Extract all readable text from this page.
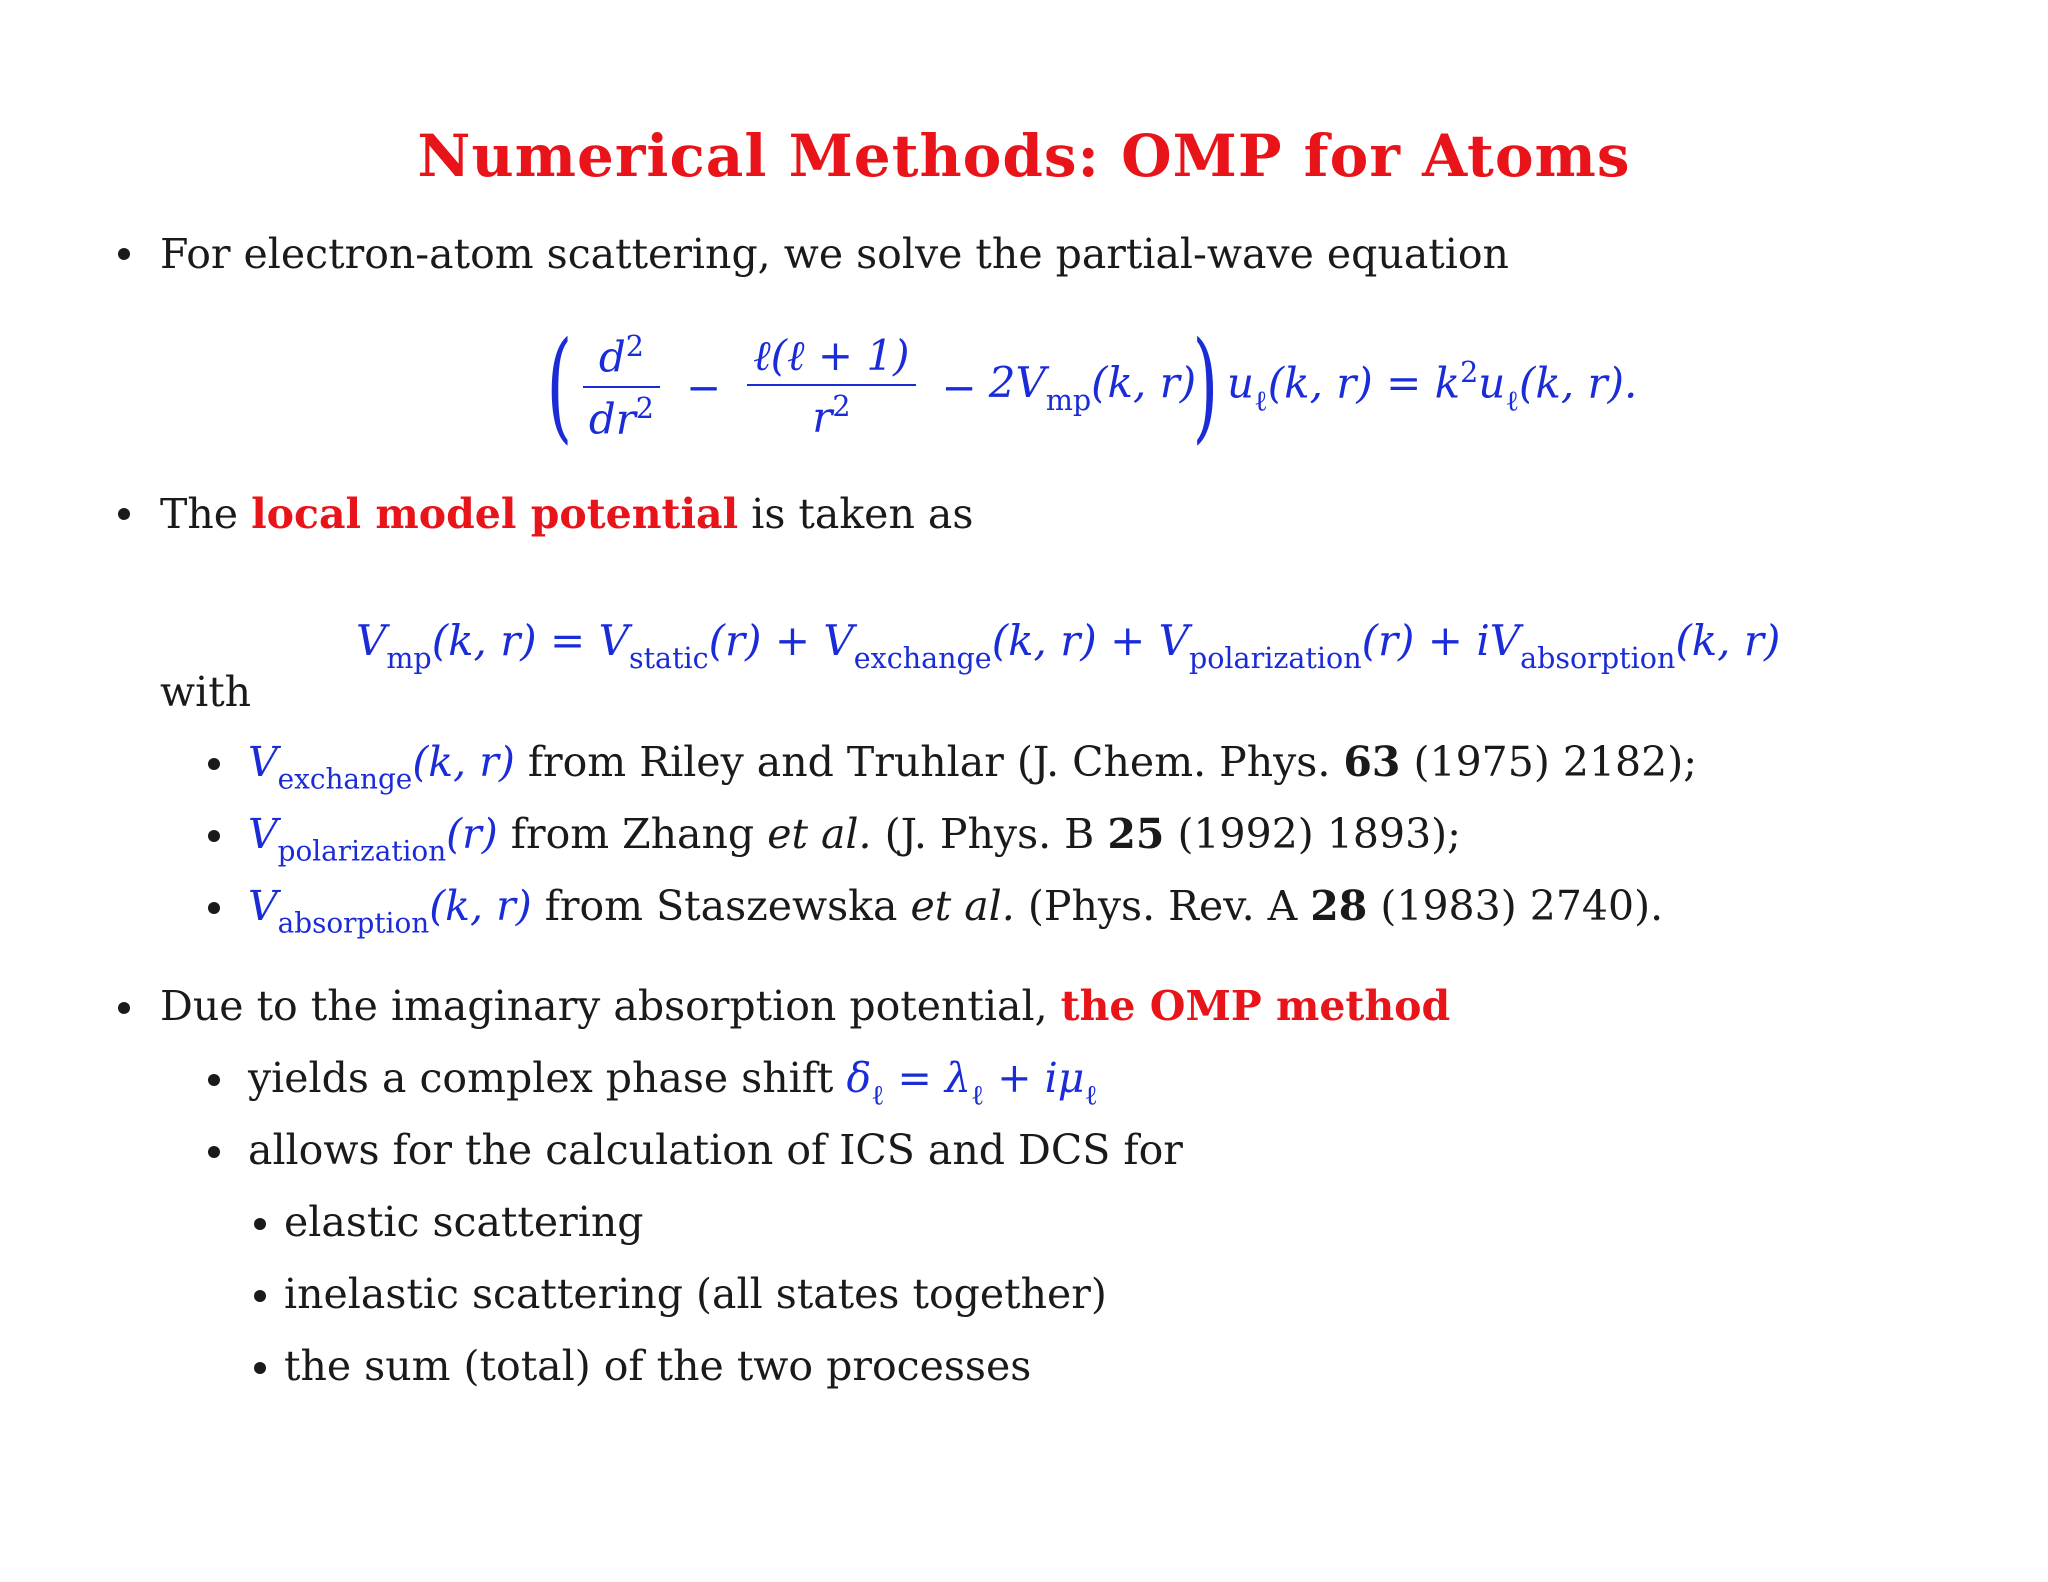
Numerical Methods: OMP for Atoms
For electron-atom scattering, we solve the partial-wave equation
( $\frac{d^2}{dr^2} - \frac{\text{ℓ(ℓ + 1)}}{r^2} - 2V_{mp}(k$, r)
) $u_\ell(k$, $r) = k^2u_\ell(k$, r).
The local model potential is taken as
$V_{mp}(k$, $r) = V_{static}(r) + V_{exchange}(k$, $r) + V_{polarization}(r) + iV_{absorption}(k$, r)
with
$V_{exchange}(k$, r) from Riley and Truhlar (J. Chem. Phys. 63 (1975) 2182);
$V_{polarization}(r)$ from Zhang et al. (J. Phys. B 25 (1992) 1893);
$V_{absorption}(k$, r) from Staszewska et al. (Phys. Rev. A 28 (1983) 2740).
Due to the imaginary absorption potential, the OMP method
yields a complex phase shift $\delta_\ell = \lambda_\ell + i\mu_\ell$
allows for the calculation of ICS and DCS for
elastic scattering
inelastic scattering (all states together)
the sum (total) of the two processes
